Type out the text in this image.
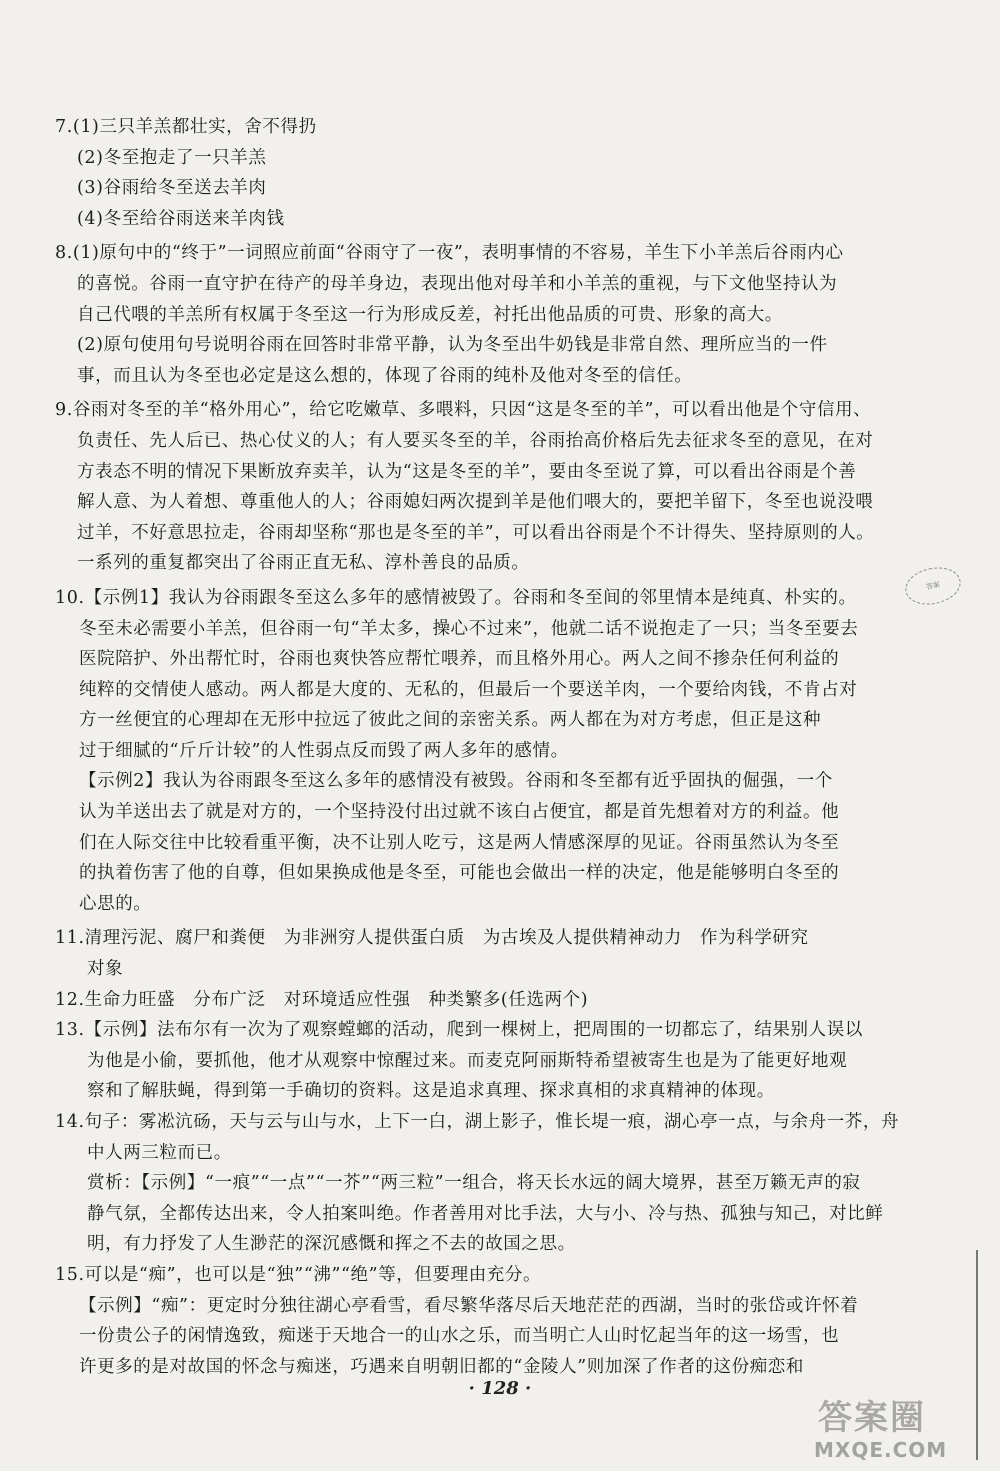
7.(1)三只羊羔都壮实，舍不得扔
(2)冬至抱走了一只羊羔
(3)谷雨给冬至送去羊肉
(4)冬至给谷雨送来羊肉钱
8.(1)原句中的“终于”一词照应前面“谷雨守了一夜”，表明事情的不容易，羊生下小羊羔后谷雨内心
的喜悦。谷雨一直守护在待产的母羊身边，表现出他对母羊和小羊羔的重视，与下文他坚持认为
自己代喂的羊羔所有权属于冬至这一行为形成反差，衬托出他品质的可贵、形象的高大。
(2)原句使用句号说明谷雨在回答时非常平静，认为冬至出牛奶钱是非常自然、理所应当的一件
事，而且认为冬至也必定是这么想的，体现了谷雨的纯朴及他对冬至的信任。
9.谷雨对冬至的羊“格外用心”，给它吃嫩草、多喂料，只因“这是冬至的羊”，可以看出他是个守信用、
负责任、先人后已、热心仗义的人；有人要买冬至的羊，谷雨抬高价格后先去征求冬至的意见，在对
方表态不明的情况下果断放弃卖羊，认为“这是冬至的羊”，要由冬至说了算，可以看出谷雨是个善
解人意、为人着想、尊重他人的人；谷雨媳妇两次提到羊是他们喂大的，要把羊留下，冬至也说没喂
过羊，不好意思拉走，谷雨却坚称“那也是冬至的羊”，可以看出谷雨是个不计得失、坚持原则的人。
一系列的重复都突出了谷雨正直无私、淳朴善良的品质。
10.【示例1】我认为谷雨跟冬至这么多年的感情被毁了。谷雨和冬至间的邻里情本是纯真、朴实的。
冬至未必需要小羊羔，但谷雨一句“羊太多，操心不过来”，他就二话不说抱走了一只；当冬至要去
医院陪护、外出帮忙时，谷雨也爽快答应帮忙喂养，而且格外用心。两人之间不掺杂任何利益的
纯粹的交情使人感动。两人都是大度的、无私的，但最后一个要送羊肉，一个要给肉钱，不肯占对
方一丝便宜的心理却在无形中拉远了彼此之间的亲密关系。两人都在为对方考虑，但正是这种
过于细腻的“斤斤计较”的人性弱点反而毁了两人多年的感情。
【示例2】我认为谷雨跟冬至这么多年的感情没有被毁。谷雨和冬至都有近乎固执的倔强，一个
认为羊送出去了就是对方的，一个坚持没付出过就不该白占便宜，都是首先想着对方的利益。他
们在人际交往中比较看重平衡，决不让别人吃亏，这是两人情感深厚的见证。谷雨虽然认为冬至
的执着伤害了他的自尊，但如果换成他是冬至，可能也会做出一样的决定，他是能够明白冬至的
心思的。
11.清理污泥、腐尸和粪便　为非洲穷人提供蛋白质　为古埃及人提供精神动力　作为科学研究
对象
12.生命力旺盛　分布广泛　对环境适应性强　种类繁多(任选两个)
13.【示例】法布尔有一次为了观察螳螂的活动，爬到一棵树上，把周围的一切都忘了，结果别人误以
为他是小偷，要抓他，他才从观察中惊醒过来。而麦克阿丽斯特希望被寄生也是为了能更好地观
察和了解肤蝇，得到第一手确切的资料。这是追求真理、探求真相的求真精神的体现。
14.句子：雾凇沆砀，天与云与山与水，上下一白，湖上影子，惟长堤一痕，湖心亭一点，与余舟一芥，舟
中人两三粒而已。
赏析：【示例】“一痕”“一点”“一芥”“两三粒”一组合，将天长水远的阔大境界，甚至万籁无声的寂
静气氛，全都传达出来，令人拍案叫绝。作者善用对比手法，大与小、冷与热、孤独与知己，对比鲜
明，有力抒发了人生渺茫的深沉感慨和挥之不去的故国之思。
15.可以是“痴”，也可以是“独”“沸”“绝”等，但要理由充分。
【示例】“痴”：更定时分独往湖心亭看雪，看尽繁华落尽后天地茫茫的西湖，当时的张岱或许怀着
一份贵公子的闲情逸致，痴迷于天地合一的山水之乐，而当明亡人山时忆起当年的这一场雪，也
许更多的是对故国的怀念与痴迷，巧遇来自明朝旧都的“金陵人”则加深了作者的这份痴恋和
答案
· 128 ·
答案圈
MXQE.COM
